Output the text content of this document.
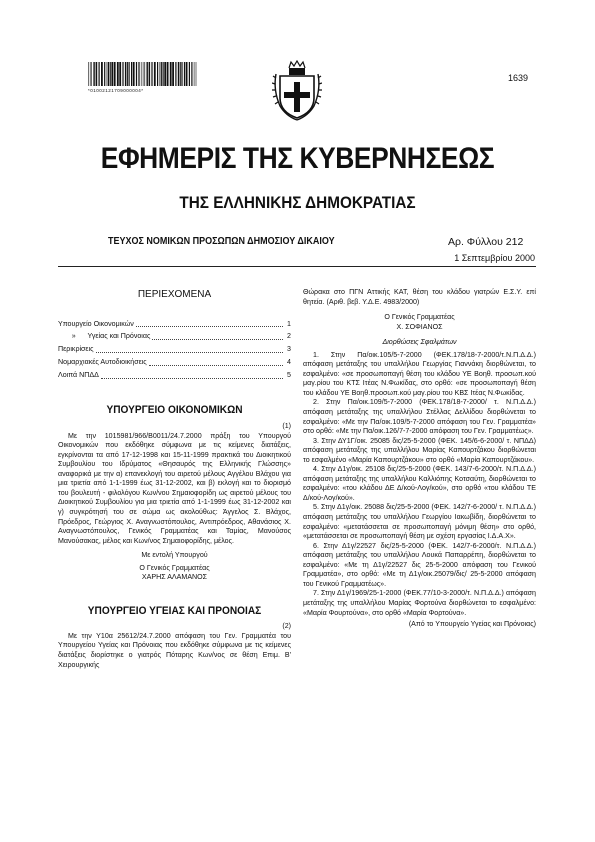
*01002121709000004*
1639
ΕΦΗΜΕΡΙΣ ΤΗΣ ΚΥΒΕΡΝΗΣΕΩΣ
ΤΗΣ ΕΛΛΗΝΙΚΗΣ ΔΗΜΟΚΡΑΤΙΑΣ
ΤΕΥΧΟΣ ΝΟΜΙΚΩΝ ΠΡΟΣΩΠΩΝ ΔΗΜΟΣΙΟΥ ΔΙΚΑΙΟΥ	Αρ. Φύλλου 212
1 Σεπτεμβρίου 2000

ΠΕΡΙΕΧΟΜΕΝΑ

Υπουργείο Οικονομικών	1
»      Υγείας και Πρόνοιας	2
Περικρίσεις	3
Νομαρχιακές Αυτοδιοικήσεις	4
Λοιπά ΝΠΔΔ	5

ΥΠΟΥΡΓΕΙΟ ΟΙΚΟΝΟΜΙΚΩΝ

(1)

Με την 1015981/966/Β0011/24.7.2000 πράξη του Υπουργού Οικονομικών που εκδόθηκε σύμφωνα με τις κείμενες διατάξεις, εγκρίνονται τα από 17-12-1998 και 15-11-1999 πρακτικά του Διοικητικού Συμβουλίου του Ιδρύματος «Θησαυρός της Ελληνικής Γλώσσης» αναφορικά με την α) επανεκλογή του αιρετού μέλους Αγγέλου Βλάχου για μια τριετία από 1-1-1999 έως 31-12-2002, και β) εκλογή και το διορισμό του βουλευτή - φιλολόγου Κων/νου Σημαιοφορίδη ως αιρετού μέλους του Διοικητικού Συμβουλίου για μια τριετία από 1-1-1999 έως 31-12-2002 και γ) συγκρότησή του σε σώμα ως ακολούθως: Άγγελος Σ. Βλάχος, Πρόεδρος, Γεώργιος Χ. Αναγνωστόπουλος, Αντιπρόεδρος, Αθανάσιος Χ. Αναγνωστόπουλος, Γενικός Γραμματέας και Ταμίας, Μανούσος Μανούσακας, μέλος και Κων/νος Σημαιοφορίδης, μέλος.

Με εντολή Υπουργού

Ο Γενικός Γραμματέας

ΧΑΡΗΣ ΑΛΑΜΑΝΟΣ

ΥΠΟΥΡΓΕΙΟ ΥΓΕΙΑΣ ΚΑΙ ΠΡΟΝΟΙΑΣ

(2)

Με την Υ10α 25612/24.7.2000 απόφαση του Γεν. Γραμματέα του Υπουργείου Υγείας και Πρόνοιας που εκδόθηκε σύμφωνα με τις κείμενες διατάξεις διορίστηκε ο γιατρός Πόταρης Κων/νος σε θέση Επιμ. Β' Χειρουργικής

Θώρακα στο ΠΓΝ Αττικής ΚΑΤ, θέση του κλάδου γιατρών Ε.Σ.Υ. επί θητεία. (Αριθ. βεβ. Υ.Δ.Ε. 4983/2000)

Ο Γενικός Γραμματέας

Χ. ΣΟΦΙΑΝΟΣ

Διορθώσεις Σφαλμάτων

1. Στην Πα/οικ.105/5-7-2000 (ΦΕΚ.178/18-7-2000/τ.Ν.Π.Δ.Δ.) απόφαση μετάταξης του υπαλλήλου Γεωργίας Γιαννάκη διορθώνεται, το εσφαλμένο: «σε προσωποπαγή θέση του κλάδου ΥΕ Βοηθ. προσωπ.κού μαγ.ρίου του ΚΤΣ Ιτέας Ν.Φωκίδας, στο ορθό: «σε προσωποπαγή θέση του κλάδου ΥΕ Βοηθ.προσωπ.κού μαγ.ρίου του ΚΒΣ Ιτέας Ν.Φωκίδας.

2. Στην Πα/οικ.109/5-7-2000 (ΦΕΚ.178/18-7-2000/ τ. Ν.Π.Δ.Δ.) απόφαση μετάταξης της υπαλλήλου Στέλλας Δελλίδου διορθώνεται το εσφαλμένο: «Με την Πα/οικ.109/5-7-2000 απόφαση του Γεν. Γραμματέα» στο ορθό: «Με την Πα/οικ.126/7-7-2000 απόφαση του Γεν. Γραμματέως».

3. Στην ΔΥ1Γ/οικ. 25085 δις/25-5-2000 (ΦΕΚ. 145/6-6-2000/ τ. ΝΠΔΔ) απόφαση μετάταξης της υπαλλήλου Μαρίας Καπουρτζάκου διορθώνεται το εσφαλμένο «Μαρία Καπουρτζάκου» στο ορθό «Μαρία Καπουρτζάκου».

4. Στην Δ1γ/οικ. 25108 δις/25-5-2000 (ΦΕΚ. 143/7-6-2000/τ. Ν.Π.Δ.Δ.) απόφαση μετάταξης της υπαλλήλου Καλλιόπης Κοτσαύτη, διορθώνεται το εσφαλμένο: «του κλάδου ΔΕ Δ/κού-Λογ/κού», στο ορθό «του κλάδου ΤΕ Δ/κού-Λογ/κού».

5. Στην Δ1γ/οικ. 25088 δις/25-5-2000 (ΦΕΚ. 142/7-6-2000/ τ. Ν.Π.Δ.Δ.) απόφαση μετάταξης του υπαλλήλου Γεωργίου Ιακωβίδη, διορθώνεται το εσφαλμένο: «μετατάσσεται σε προσωποπαγή μόνιμη θέση» στο ορθό, «μετατάσσεται σε προσωποπαγή θέση με σχέση εργασίας Ι.Δ.Α.Χ».

6. Στην Δ1γ/22527 δις/25-5-2000 (ΦΕΚ. 142/7-6-2000/τ. Ν.Π.Δ.Δ.) απόφαση μετάταξης του υπαλλήλου Λουκά Παπαρρέπη, διορθώνεται το εσφαλμένο: «Με τη Δ1γ/22527 δις 25-5-2000 απόφαση του Γενικού Γραμματέα», στο ορθό: «Με τη Δ1γ/οικ.25079/δις/ 25-5-2000 απόφαση του Γενικού Γραμματέως».

7. Στην Δ1γ/1969/25-1-2000 (ΦΕΚ.77/10-3-2000/τ. Ν.Π.Δ.Δ.) απόφαση μετάταξης της υπαλλήλου Μαρίας Φορτούνα διορθώνεται το εσφαλμένο: «Μαρία Φουρτούνα», στο ορθό «Μαρία Φορτούνα».

(Από το Υπουργείο Υγείας και Πρόνοιας)
